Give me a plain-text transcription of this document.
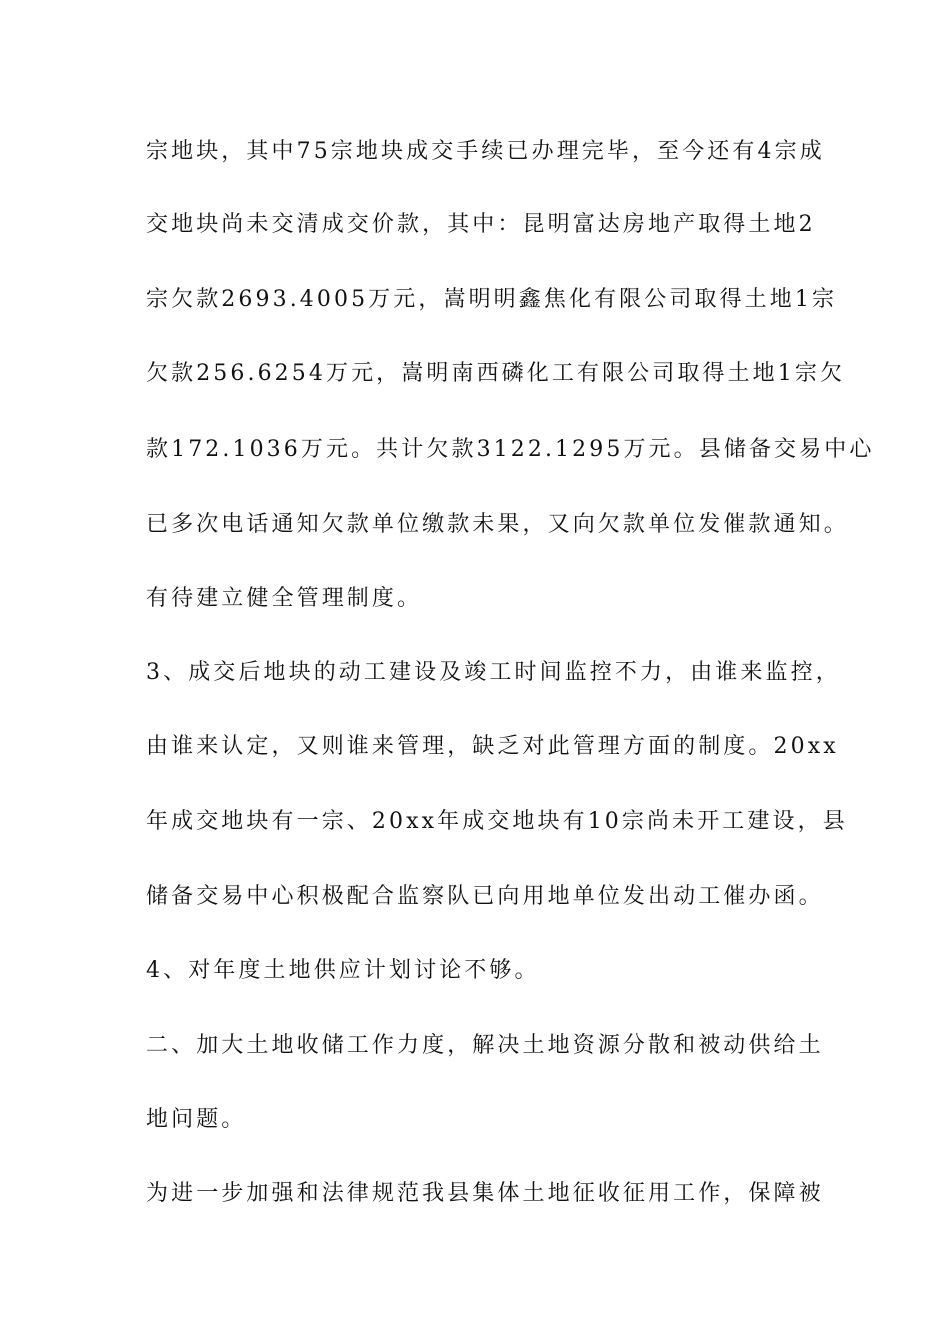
宗地块，其中75宗地块成交手续已办理完毕，至今还有4宗成
交地块尚未交清成交价款，其中：昆明富达房地产取得土地2
宗欠款2693.4005万元，嵩明明鑫焦化有限公司取得土地1宗
欠款256.6254万元，嵩明南西磷化工有限公司取得土地1宗欠
款172.1036万元。共计欠款3122.1295万元。县储备交易中心
已多次电话通知欠款单位缴款未果，又向欠款单位发催款通知。
有待建立健全管理制度。
3、成交后地块的动工建设及竣工时间监控不力，由谁来监控，
由谁来认定，又则谁来管理，缺乏对此管理方面的制度。20xx
年成交地块有一宗、20xx年成交地块有10宗尚未开工建设，县
储备交易中心积极配合监察队已向用地单位发出动工催办函。
4、对年度土地供应计划讨论不够。
二、加大土地收储工作力度，解决土地资源分散和被动供给土
地问题。
为进一步加强和法律规范我县集体土地征收征用工作，保障被
